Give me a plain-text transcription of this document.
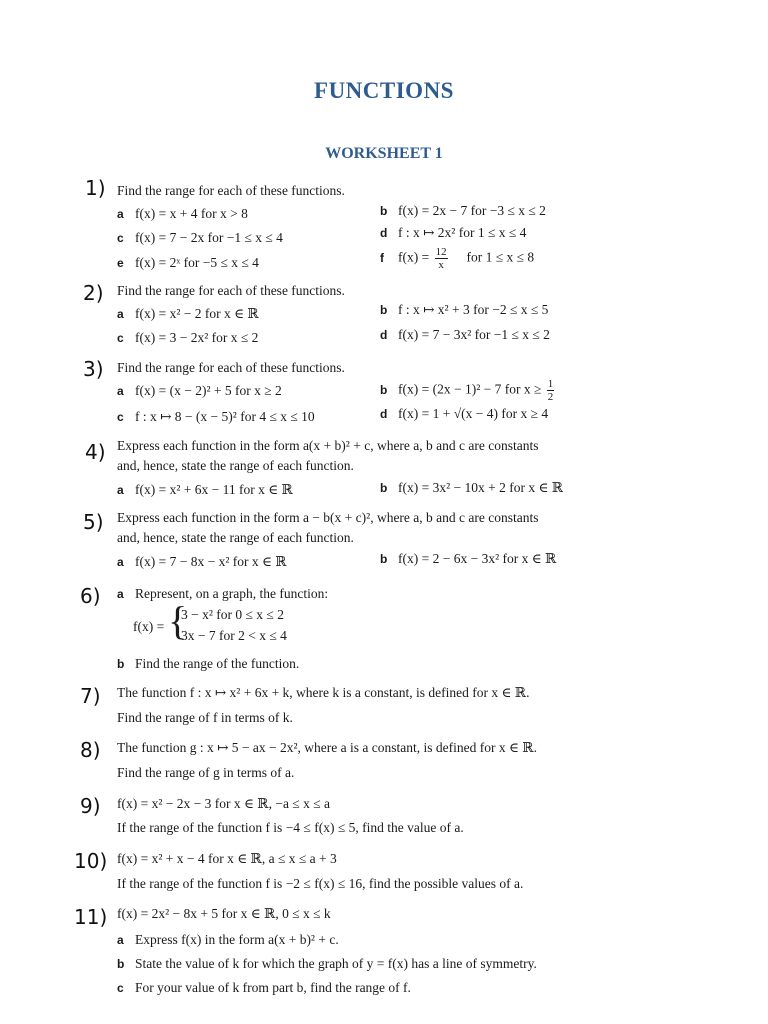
FUNCTIONS
WORKSHEET 1
1) Find the range for each of these functions.
a f(x) = x + 4 for x > 8	b f(x) = 2x − 7 for −3 ≤ x ≤ 2
c f(x) = 7 − 2x for −1 ≤ x ≤ 4	d f : x ↦ 2x² for 1 ≤ x ≤ 4
e f(x) = 2ˣ for −5 ≤ x ≤ 4	f $f(x) = \frac{12}{x}$ for 1 ≤ x ≤ 8
2) Find the range for each of these functions.
a f(x) = x² − 2 for x ∈ ℝ	b f : x ↦ x² + 3 for −2 ≤ x ≤ 5
c f(x) = 3 − 2x² for x ≤ 2	d f(x) = 7 − 3x² for −1 ≤ x ≤ 2
3) Find the range for each of these functions.
a f(x) = (x − 2)² + 5 for x ≥ 2	b f(x) = (2x − 1)² − 7 for $x \ge \frac{1}{2}$
c f : x ↦ 8 − (x − 5)² for 4 ≤ x ≤ 10	d f(x) = 1 + √(x − 4) for x ≥ 4
4) Express each function in the form a(x + b)² + c, where a, b and c are constants
and, hence, state the range of each function.
a f(x) = x² + 6x − 11 for x ∈ ℝ	b f(x) = 3x² − 10x + 2 for x ∈ ℝ
5) Express each function in the form a − b(x + c)², where a, b and c are constants
and, hence, state the range of each function.
a f(x) = 7 − 8x − x² for x ∈ ℝ	b f(x) = 2 − 6x − 3x² for x ∈ ℝ
6) a Represent, on a graph, the function:
f(x) = {
3 − x² for 0 ≤ x ≤ 2
3x − 7 for 2 < x ≤ 4
b Find the range of the function.
7) The function f : x ↦ x² + 6x + k, where k is a constant, is defined for x ∈ ℝ.
Find the range of f in terms of k.
8) The function g : x ↦ 5 − ax − 2x², where a is a constant, is defined for x ∈ ℝ.
Find the range of g in terms of a.
9) f(x) = x² − 2x − 3 for x ∈ ℝ, −a ≤ x ≤ a
If the range of the function f is −4 ≤ f(x) ≤ 5, find the value of a.
10) f(x) = x² + x − 4 for x ∈ ℝ, a ≤ x ≤ a + 3
If the range of the function f is −2 ≤ f(x) ≤ 16, find the possible values of a.
11) f(x) = 2x² − 8x + 5 for x ∈ ℝ, 0 ≤ x ≤ k
a Express f(x) in the form a(x + b)² + c.
b State the value of k for which the graph of y = f(x) has a line of symmetry.
c For your value of k from part b, find the range of f.
